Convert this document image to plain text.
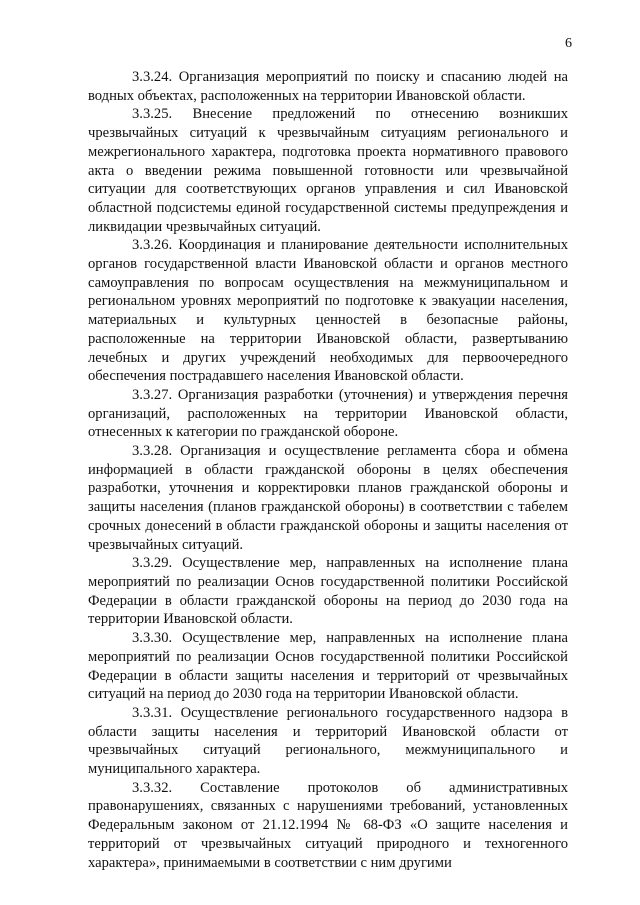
6

3.3.24. Организация мероприятий по поиску и спасанию людей на водных объектах, расположенных на территории Ивановской области.

3.3.25. Внесение предложений по отнесению возникших чрезвычайных ситуаций к чрезвычайным ситуациям регионального и межрегионального характера, подготовка проекта нормативного правового акта о введении режима повышенной готовности или чрезвычайной ситуации для соответствующих органов управления и сил Ивановской областной подсистемы единой государственной системы предупреждения и ликвидации чрезвычайных ситуаций.

3.3.26. Координация и планирование деятельности исполнительных органов государственной власти Ивановской области и органов местного самоуправления по вопросам осуществления на межмуниципальном и региональном уровнях мероприятий по подготовке к эвакуации населения, материальных и культурных ценностей в безопасные районы, расположенные на территории Ивановской области, развертыванию лечебных и других учреждений необходимых для первоочередного обеспечения пострадавшего населения Ивановской области.

3.3.27. Организация разработки (уточнения) и утверждения перечня организаций, расположенных на территории Ивановской области, отнесенных к категории по гражданской обороне.

3.3.28. Организация и осуществление регламента сбора и обмена информацией в области гражданской обороны в целях обеспечения разработки, уточнения и корректировки планов гражданской обороны и защиты населения (планов гражданской обороны) в соответствии с табелем срочных донесений в области гражданской обороны и защиты населения от чрезвычайных ситуаций.

3.3.29. Осуществление мер, направленных на исполнение плана мероприятий по реализации Основ государственной политики Российской Федерации в области гражданской обороны на период до 2030 года на территории Ивановской области.

3.3.30. Осуществление мер, направленных на исполнение плана мероприятий по реализации Основ государственной политики Российской Федерации в области защиты населения и территорий от чрезвычайных ситуаций на период до 2030 года на территории Ивановской области.

3.3.31. Осуществление регионального государственного надзора в области защиты населения и территорий Ивановской области от чрезвычайных ситуаций регионального, межмуниципального и муниципального характера.

3.3.32. Составление протоколов об административных правонарушениях, связанных с нарушениями требований, установленных Федеральным законом от 21.12.1994 № 68-ФЗ «О защите населения и территорий от чрезвычайных ситуаций природного и техногенного характера», принимаемыми в соответствии с ним другими
